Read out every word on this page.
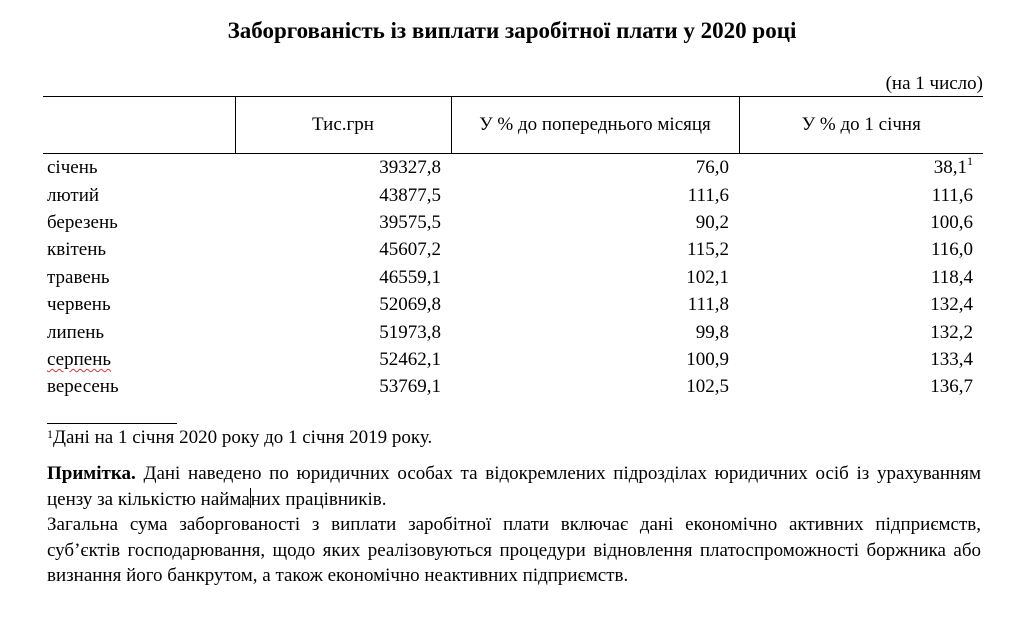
Заборгованість із виплати заробітної плати у 2020 році
(на 1 число)
	Тис.грн	У % до попереднього місяця	У % до 1 січня
січень	39327,8	76,0	38,1$^1$
лютий	43877,5	111,6	111,6
березень	39575,5	90,2	100,6
квітень	45607,2	115,2	116,0
травень	46559,1	102,1	118,4
червень	52069,8	111,8	132,4
липень	51973,8	99,8	132,2
серпень	52462,1	100,9	133,4
вересень	53769,1	102,5	136,7
$^1$Дані на 1 січня 2020 року до 1 січня 2019 року.

Примітка. Дані наведено по юридичних особах та відокремлених підрозділах юридичних осіб із урахуванням цензу за кількістю найманих працівників.

Загальна сума заборгованості з виплати заробітної плати включає дані економічно активних підприємств, суб’єктів господарювання, щодо яких реалізовуються процедури відновлення платоспроможності боржника або визнання його банкрутом, а також економічно неактивних підприємств.
